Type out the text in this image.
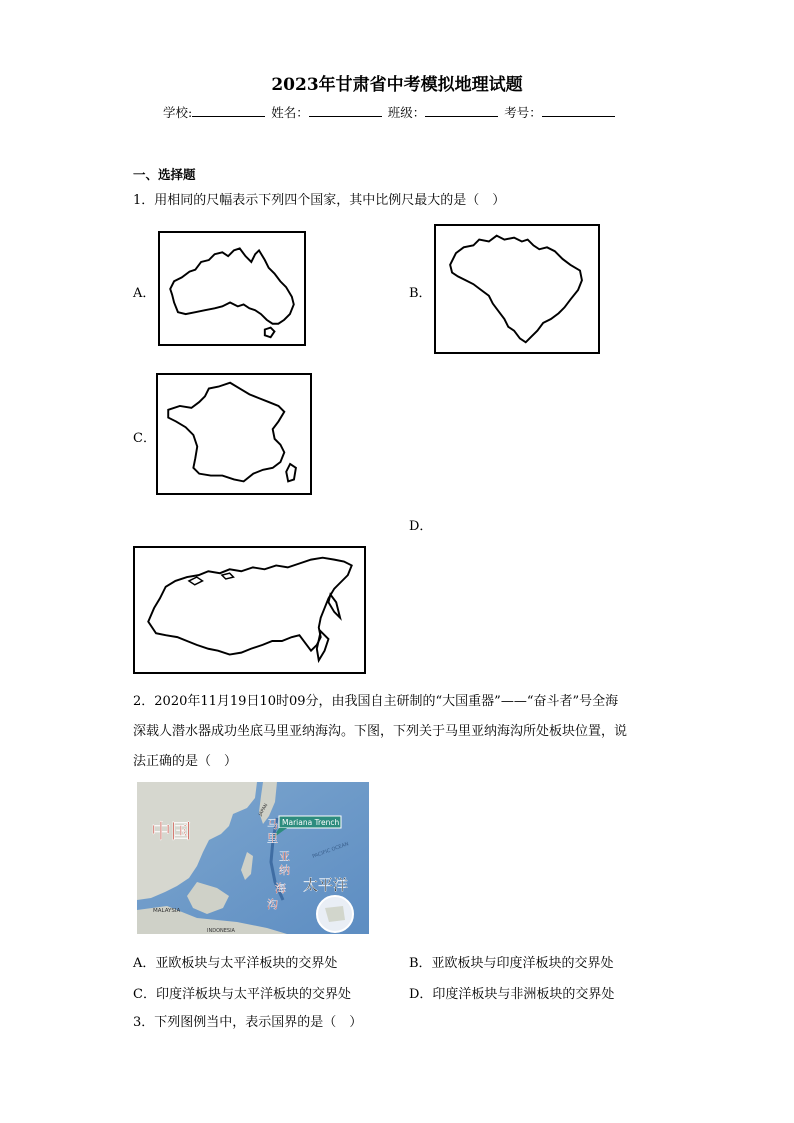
2023年甘肃省中考模拟地理试题
学校:	姓名：	班级：	考号：
一、选择题
1．用相同的尺幅表示下列四个国家，其中比例尺最大的是（　）
A．	B．
C．
D．
2．2020年11月19日10时09分，由我国自主研制的“大国重器”——“奋斗者”号全海
深载人潜水器成功坐底马里亚纳海沟。下图，下列关于马里亚纳海沟所处板块位置，说
法正确的是（　）
Mariana Trench
中国
太平洋
MALAYSIA
INDONESIA
PACIFIC OCEAN
JAPAN
马
里
亚
纳
海
沟
A．亚欧板块与太平洋板块的交界处	B．亚欧板块与印度洋板块的交界处
C．印度洋板块与太平洋板块的交界处	D．印度洋板块与非洲板块的交界处
3．下列图例当中，表示国界的是（　）
